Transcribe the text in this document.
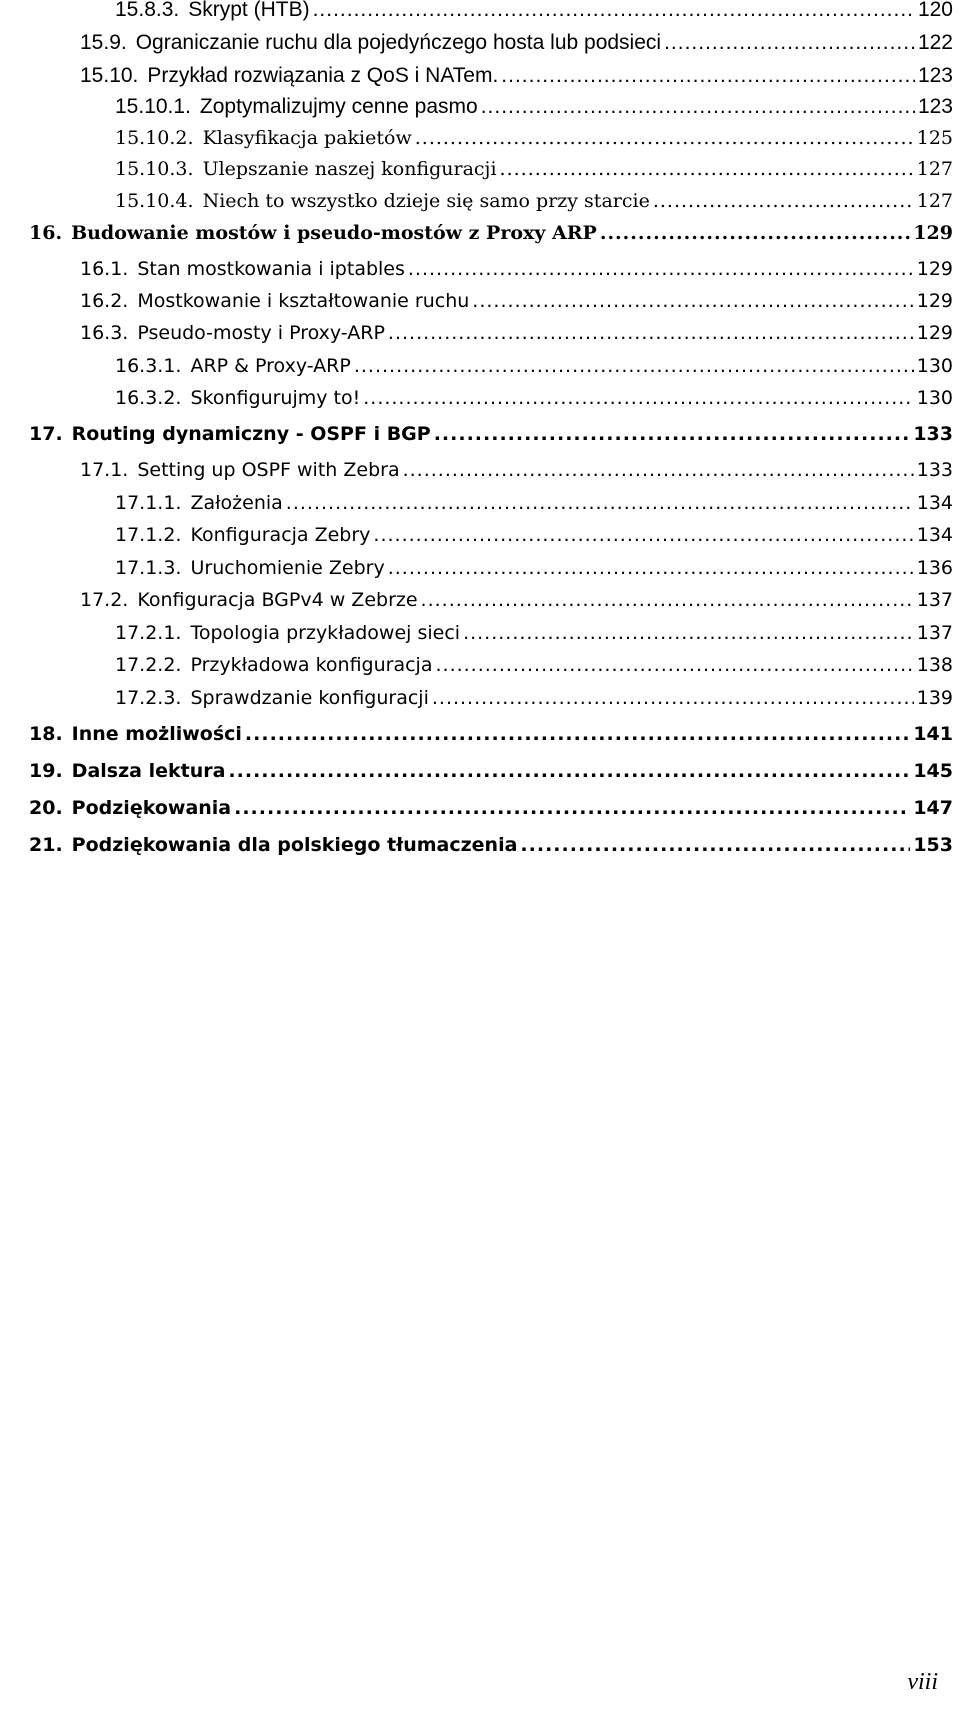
15.8.3. Skrypt (HTB) .....	120
15.9. Ograniczanie ruchu dla pojedyńczego hosta lub podsieci .....	122
15.10. Przykład rozwiązania z QoS i NATem. .....	123
15.10.1. Zoptymalizujmy cenne pasmo .....	123
15.10.2. Klasyfikacja pakietów .....	125
15.10.3. Ulepszanie naszej konfiguracji .....	127
15.10.4. Niech to wszystko dzieje się samo przy starcie .....	127
16. Budowanie mostów i pseudo-mostów z Proxy ARP .....	129
16.1. Stan mostkowania i iptables .....	129
16.2. Mostkowanie i kształtowanie ruchu .....	129
16.3. Pseudo-mosty i Proxy-ARP .....	129
16.3.1. ARP & Proxy-ARP .....	130
16.3.2. Skonfigurujmy to! .....	130
17. Routing dynamiczny - OSPF i BGP .....	133
17.1. Setting up OSPF with Zebra .....	133
17.1.1. Założenia .....	134
17.1.2. Konfiguracja Zebry .....	134
17.1.3. Uruchomienie Zebry .....	136
17.2. Konfiguracja BGPv4 w Zebrze .....	137
17.2.1. Topologia przykładowej sieci .....	137
17.2.2. Przykładowa konfiguracja .....	138
17.2.3. Sprawdzanie konfiguracji .....	139
18. Inne możliwości .....	141
19. Dalsza lektura .....	145
20. Podziękowania .....	147
21. Podziękowania dla polskiego tłumaczenia .....	153
viii
